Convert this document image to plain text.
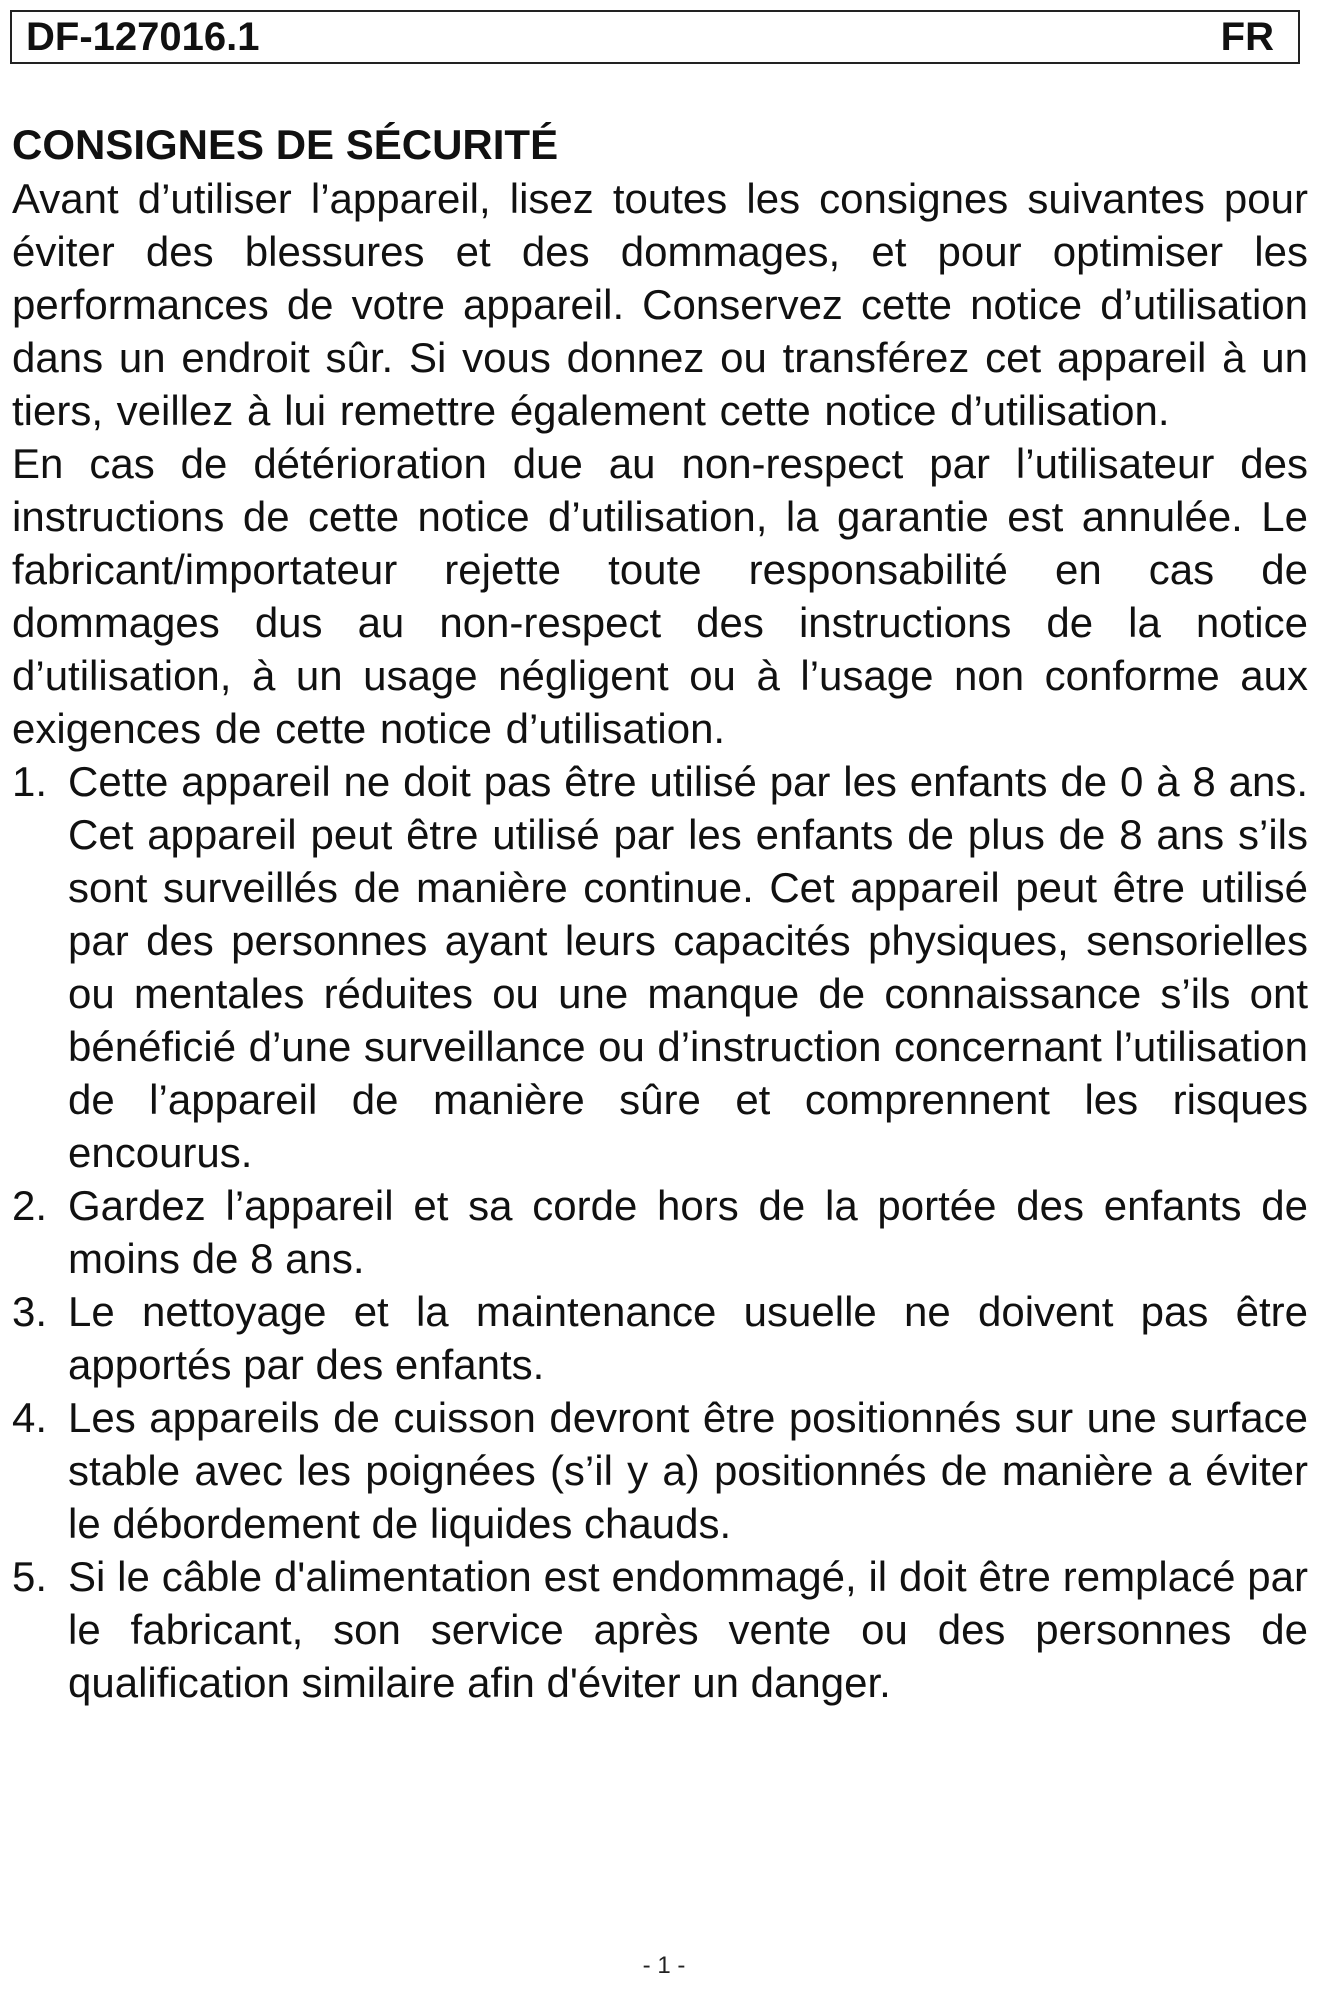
DF-127016.1	FR
CONSIGNES DE SÉCURITÉ

Avant d’utiliser l’appareil, lisez toutes les consignes suivantes pour éviter des blessures et des dommages, et pour optimiser les performances de votre appareil. Conservez cette notice d’utilisation dans un endroit sûr. Si vous donnez ou transférez cet appareil à un tiers, veillez à lui remettre également cette notice d’utilisation.

En cas de détérioration due au non-respect par l’utilisateur des instructions de cette notice d’utilisation, la garantie est annulée. Le fabricant/importateur rejette toute responsabilité en cas de dommages dus au non-respect des instructions de la notice d’utilisation, à un usage négligent ou à l’usage non conforme aux exigences de cette notice d’utilisation.

1. Cette appareil ne doit pas être utilisé par les enfants de 0 à 8 ans. Cet appareil peut être utilisé par les enfants de plus de 8 ans s’ils sont surveillés de manière continue. Cet appareil peut être utilisé par des personnes ayant leurs capacités physiques, sensorielles ou mentales réduites ou une manque de connaissance s’ils ont bénéficié d’une surveillance ou d’instruction concernant l’utilisation de l’appareil de manière sûre et comprennent les risques encourus.
2. Gardez l’appareil et sa corde hors de la portée des enfants de moins de 8 ans.
3. Le nettoyage et la maintenance usuelle ne doivent pas être apportés par des enfants.
4. Les appareils de cuisson devront être positionnés sur une surface stable avec les poignées (s’il y a) positionnés de manière a éviter le débordement de liquides chauds.
5. Si le câble d'alimentation est endommagé, il doit être remplacé par le fabricant, son service après vente ou des personnes de qualification similaire afin d'éviter un danger.
- 1 -
